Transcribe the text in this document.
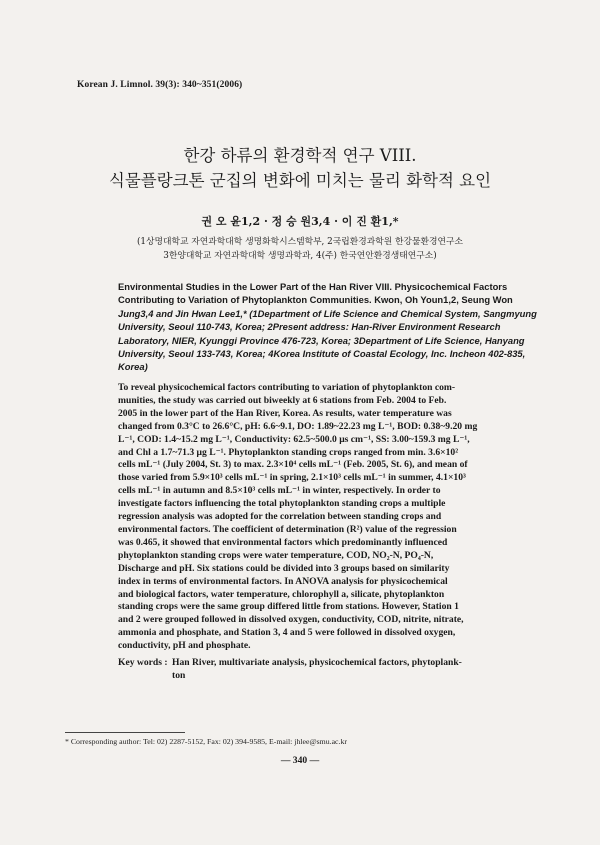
Korean J. Limnol. 39(3): 340~351(2006)
한강 하류의 환경학적 연구 VIII.
식물플랑크톤 군집의 변화에 미치는 물리 화학적 요인
권 오 윤1,2 · 정 승 원3,4 · 이 진 환1,*
(1상명대학교 자연과학대학 생명화학시스템학부, 2국립환경과학원 한강물환경연구소
3한양대학교 자연과학대학 생명과학과, 4(주) 한국연안환경생태연구소)
Environmental Studies in the Lower Part of the Han River VIII. Physicochemical Factors
Contributing to Variation of Phytoplankton Communities. Kwon, Oh Youn1,2, Seung Won
Jung3,4 and Jin Hwan Lee1,* (1Department of Life Science and Chemical System, Sangmyung
University, Seoul 110-743, Korea; 2Present address: Han-River Environment Research
Laboratory, NIER, Kyunggi Province 476-723, Korea; 3Department of Life Science, Hanyang
University, Seoul 133-743, Korea; 4Korea Institute of Coastal Ecology, Inc. Incheon 402-835,
Korea)
To reveal physicochemical factors contributing to variation of phytoplankton com-
munities, the study was carried out biweekly at 6 stations from Feb. 2004 to Feb.
2005 in the lower part of the Han River, Korea. As results, water temperature was
changed from 0.3°C to 26.6°C, pH: 6.6~9.1, DO: 1.89~22.23 mg L⁻¹, BOD: 0.38~9.20 mg
L⁻¹, COD: 1.4~15.2 mg L⁻¹, Conductivity: 62.5~500.0 μs cm⁻¹, SS: 3.00~159.3 mg L⁻¹,
and Chl a 1.7~71.3 μg L⁻¹. Phytoplankton standing crops ranged from min. 3.6×10²
cells mL⁻¹ (July 2004, St. 3) to max. 2.3×10⁴ cells mL⁻¹ (Feb. 2005, St. 6), and mean of
those varied from 5.9×10³ cells mL⁻¹ in spring, 2.1×10³ cells mL⁻¹ in summer, 4.1×10³
cells mL⁻¹ in autumn and 8.5×10³ cells mL⁻¹ in winter, respectively. In order to
investigate factors influencing the total phytoplankton standing crops a multiple
regression analysis was adopted for the correlation between standing crops and
environmental factors. The coefficient of determination (R²) value of the regression
was 0.465, it showed that environmental factors which predominantly influenced
phytoplankton standing crops were water temperature, COD, NO₂-N, PO₄-N,
Discharge and pH. Six stations could be divided into 3 groups based on similarity
index in terms of environmental factors. In ANOVA analysis for physicochemical
and biological factors, water temperature, chlorophyll a, silicate, phytoplankton
standing crops were the same group differed little from stations. However, Station 1
and 2 were grouped followed in dissolved oxygen, conductivity, COD, nitrite, nitrate,
ammonia and phosphate, and Station 3, 4 and 5 were followed in dissolved oxygen,
conductivity, pH and phosphate.
Key words : Han River, multivariate analysis, physicochemical factors, phytoplank-
ton
* Corresponding author: Tel: 02) 2287-5152, Fax: 02) 394-9585, E-mail: jhlee@smu.ac.kr
— 340 —
